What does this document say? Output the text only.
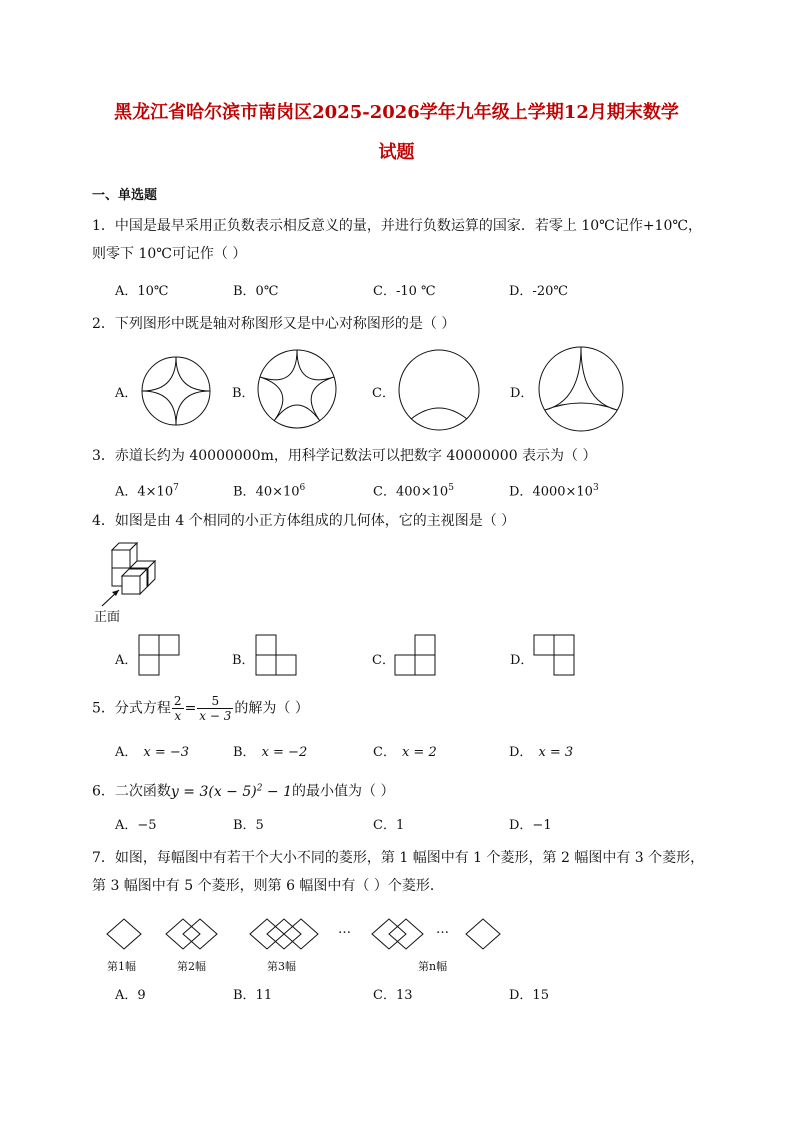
黑龙江省哈尔滨市南岗区2025-2026学年九年级上学期12月期末数学
试题
一、单选题
1．中国是最早采用正负数表示相反意义的量，并进行负数运算的国家．若零上 10℃记作+10℃，则零下 10℃可记作（ ）
A．10℃	B．0℃	C．-10 ℃	D．-20℃
2．下列图形中既是轴对称图形又是中心对称图形的是（ ）
A．	B．	C．	D．
3．赤道长约为 40000000m，用科学记数法可以把数字 40000000 表示为（ ）
A．$4\times 10^7$	B．$40\times 10^6$	C．$400\times 10^5$	D．$4000\times 10^3$
4．如图是由 4 个相同的小正方体组成的几何体，它的主视图是（ ）
正面
A．	B．	C．	D．
5．分式方程 $\frac{2}{x} = \frac{5}{x - 3}$ 的解为（ ）
A． x = −3	B． x = −2	C． x = 2	D． x = 3
6．二次函数$y = 3(x - 5)^2 - 1$的最小值为（ ）
A．−5	B．5	C．1	D．−1
7．如图，每幅图中有若干个大小不同的菱形，第 1 幅图中有 1 个菱形，第 2 幅图中有 3 个菱形，第 3 幅图中有 5 个菱形，则第 6 幅图中有（ ）个菱形．
…	…
第1幅	第2幅	第3幅	第n幅
A．9	B．11	C．13	D．15
